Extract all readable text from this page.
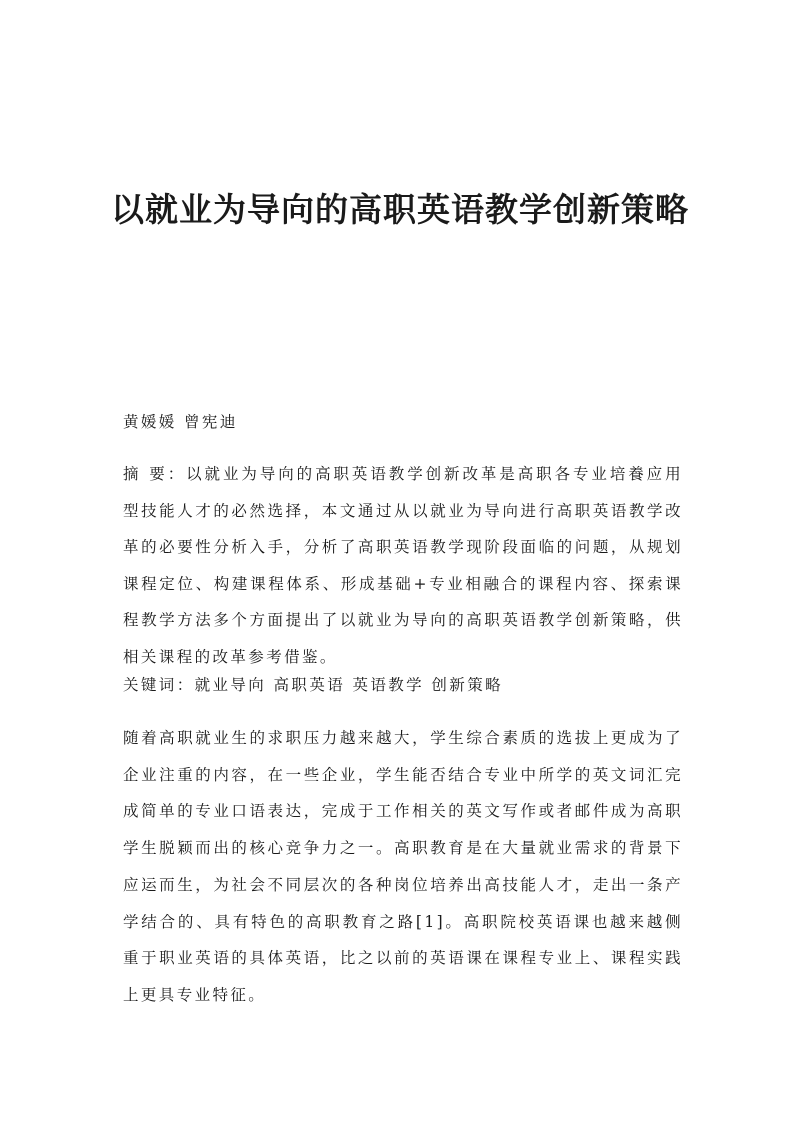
以就业为导向的高职英语教学创新策略

黄媛媛 曾宪迪

摘 要：以就业为导向的高职英语教学创新改革是高职各专业培養应用型技能人才的必然选择，本文通过从以就业为导向进行高职英语教学改革的必要性分析入手，分析了高职英语教学现阶段面临的问题，从规划课程定位、构建课程体系、形成基础+专业相融合的课程内容、探索课程教学方法多个方面提出了以就业为导向的高职英语教学创新策略，供相关课程的改革参考借鉴。

关键词：就业导向 高职英语 英语教学 创新策略

随着高职就业生的求职压力越来越大，学生综合素质的选拔上更成为了企业注重的内容，在一些企业，学生能否结合专业中所学的英文词汇完成简单的专业口语表达，完成于工作相关的英文写作或者邮件成为高职学生脱颖而出的核心竞争力之一。高职教育是在大量就业需求的背景下应运而生，为社会不同层次的各种岗位培养出高技能人才，走出一条产学结合的、具有特色的高职教育之路[1]。高职院校英语课也越来越侧重于职业英语的具体英语，比之以前的英语课在课程专业上、课程实践上更具专业特征。
